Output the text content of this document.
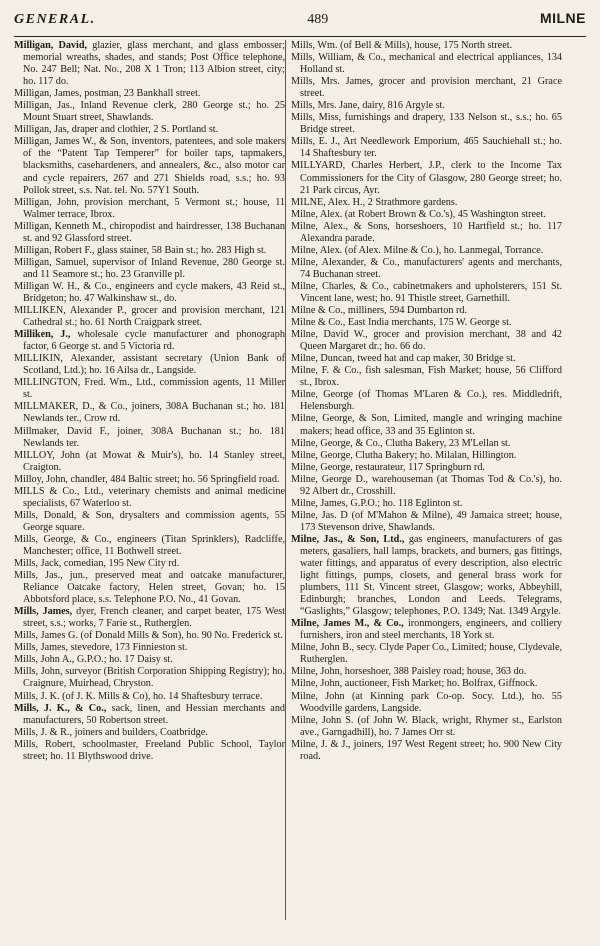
GENERAL.	489	MILNE

Milligan, David, glazier, glass merchant, and glass embosser; memorial wreaths, shades, and stands; Post Office telephone, No. 247 Bell; Nat. No., 208 X 1 Tron; 113 Albion street, city; ho. 117 do.

Milligan, James, postman, 23 Bankhall street.

Milligan, Jas., Inland Revenue clerk, 280 George st.; ho. 25 Mount Stuart street, Shawlands.

Milligan, Jas, draper and clothier, 2 S. Portland st.

Milligan, James W., & Son, inventors, patentees, and sole makers of the “Patent Tap Temperer” for boiler taps, tapmakers, blacksmiths, casehardeners, and annealers, &c., also motor car and cycle repairers, 267 and 271 Shields road, s.s.; ho. 93 Pollok street, s.s. Nat. tel. No. 57Y1 South.

Milligan, John, provision merchant, 5 Vermont st.; house, 11 Walmer terrace, Ibrox.

Milligan, Kenneth M., chiropodist and hairdresser, 138 Buchanan st. and 92 Glassford street.

Milligan, Robert F., glass stainer, 58 Bain st.; ho. 283 High st.

Milligan, Samuel, supervisor of Inland Revenue, 280 George st. and 11 Seamore st.; ho. 23 Granville pl.

Milligan W. H., & Co., engineers and cycle makers, 43 Reid st., Bridgeton; ho. 47 Walkinshaw st., do.

MILLIKEN, Alexander P., grocer and provision merchant, 121 Cathedral st.; ho. 61 North Craigpark street.

Milliken, J., wholesale cycle manufacturer and phonograph factor, 6 George st. and 5 Victoria rd.

MILLIKIN, Alexander, assistant secretary (Union Bank of Scotland, Ltd.); ho. 16 Ailsa dr., Langside.

MILLINGTON, Fred. Wm., Ltd., commission agents, 11 Miller st.

MILLMAKER, D., & Co., joiners, 308A Buchanan st.; ho. 181 Newlands ter., Crow rd.

Millmaker, David F., joiner, 308A Buchanan st.; ho. 181 Newlands ter.

MILLOY, John (at Mowat & Muir's), ho. 14 Stanley street, Craigton.

Milloy, John, chandler, 484 Baltic street; ho. 56 Springfield road.

MILLS & Co., Ltd., veterinary chemists and animal medicine specialists, 67 Waterloo st.

Mills, Donald, & Son, drysalters and commission agents, 55 George square.

Mills, George, & Co., engineers (Titan Sprinklers), Radcliffe, Manchester; office, 11 Bothwell street.

Mills, Jack, comedian, 195 New City rd.

Mills, Jas., jun., preserved meat and oatcake manufacturer, Reliance Oatcake factory, Helen street, Govan; ho. 15 Abbotsford place, s.s. Telephone P.O. No., 41 Govan.

Mills, James, dyer, French cleaner, and carpet beater, 175 West street, s.s.; works, 7 Farie st., Rutherglen.

Mills, James G. (of Donald Mills & Son), ho. 90 No. Frederick st.

Mills, James, stevedore, 173 Finnieston st.

Mills, John A., G.P.O.; ho. 17 Daisy st.

Mills, John, surveyor (British Corporation Shipping Registry); ho. Craignure, Muirhead, Chryston.

Mills, J. K. (of J. K. Mills & Co), ho. 14 Shaftesbury terrace.

Mills, J. K., & Co., sack, linen, and Hessian merchants and manufacturers, 50 Robertson street.

Mills, J. & R., joiners and builders, Coatbridge.

Mills, Robert, schoolmaster, Freeland Public School, Taylor street; ho. 11 Blythswood drive.

Mills, Wm. (of Bell & Mills), house, 175 North street.

Mills, William, & Co., mechanical and electrical appliances, 134 Holland st.

Mills, Mrs. James, grocer and provision merchant, 21 Grace street.

Mills, Mrs. Jane, dairy, 816 Argyle st.

Mills, Miss, furnishings and drapery, 133 Nelson st., s.s.; ho. 65 Bridge street.

Mills, E. J., Art Needlework Emporium, 465 Sauchiehall st.; ho. 14 Shaftesbury ter.

MILLYARD, Charles Herbert, J.P., clerk to the Income Tax Commissioners for the City of Glasgow, 280 George street; ho. 21 Park circus, Ayr.

MILNE, Alex. H., 2 Strathmore gardens.

Milne, Alex. (at Robert Brown & Co.'s), 45 Washington street.

Milne, Alex., & Sons, horseshoers, 10 Hartfield st.; ho. 117 Alexandra parade.

Milne, Alex. (of Alex. Milne & Co.), ho. Lanmegal, Torrance.

Milne, Alexander, & Co., manufacturers' agents and merchants, 74 Buchanan street.

Milne, Charles, & Co., cabinetmakers and upholsterers, 151 St. Vincent lane, west; ho. 91 Thistle street, Garnethill.

Milne & Co., milliners, 594 Dumbarton rd.

Milne & Co., East India merchants, 175 W. George st.

Milne, David W., grocer and provision merchant, 38 and 42 Queen Margaret dr.; ho. 66 do.

Milne, Duncan, tweed hat and cap maker, 30 Bridge st.

Milne, F. & Co., fish salesman, Fish Market; house, 56 Clifford st., Ibrox.

Milne, George (of Thomas M'Laren & Co.), res. Middledrift, Helensburgh.

Milne, George, & Son, Limited, mangle and wringing machine makers; head office, 33 and 35 Eglinton st.

Milne, George, & Co., Clutha Bakery, 23 M'Lellan st.

Milne, George, Clutha Bakery; ho. Milalan, Hillington.

Milne, George, restaurateur, 117 Springburn rd.

Milne, George D., warehouseman (at Thomas Tod & Co.'s), ho. 92 Albert dr., Crosshill.

Milne, James, G.P.O.; ho. 118 Eglinton st.

Milne, Jas. D (of M'Mahon & Milne), 49 Jamaica street; house, 173 Stevenson drive, Shawlands.

Milne, Jas., & Son, Ltd., gas engineers, manufacturers of gas meters, gasaliers, hall lamps, brackets, and burners, gas fittings, water fittings, and apparatus of every description, also electric light fittings, pumps, closets, and general brass work for plumbers, 111 St. Vincent street, Glasgow; works, Abbeyhill, Edinburgh; branches, London and Leeds. Telegrams, “Gaslights,” Glasgow; telephones, P.O. 1349; Nat. 1349 Argyle.

Milne, James M., & Co., ironmongers, engineers, and colliery furnishers, iron and steel merchants, 18 York st.

Milne, John B., secy. Clyde Paper Co., Limited; house, Clydevale, Rutherglen.

Milne, John, horseshoer, 388 Paisley road; house, 363 do.

Milne, John, auctioneer, Fish Market; ho. Bolfrax, Giffnock.

Milne, John (at Kinning park Co-op. Socy. Ltd.), ho. 55 Woodville gardens, Langside.

Milne, John S. (of John W. Black, wright, Rhymer st., Earlston ave., Garngadhill), ho. 7 James Orr st.

Milne, J. & J., joiners, 197 West Regent street; ho. 900 New City road.
